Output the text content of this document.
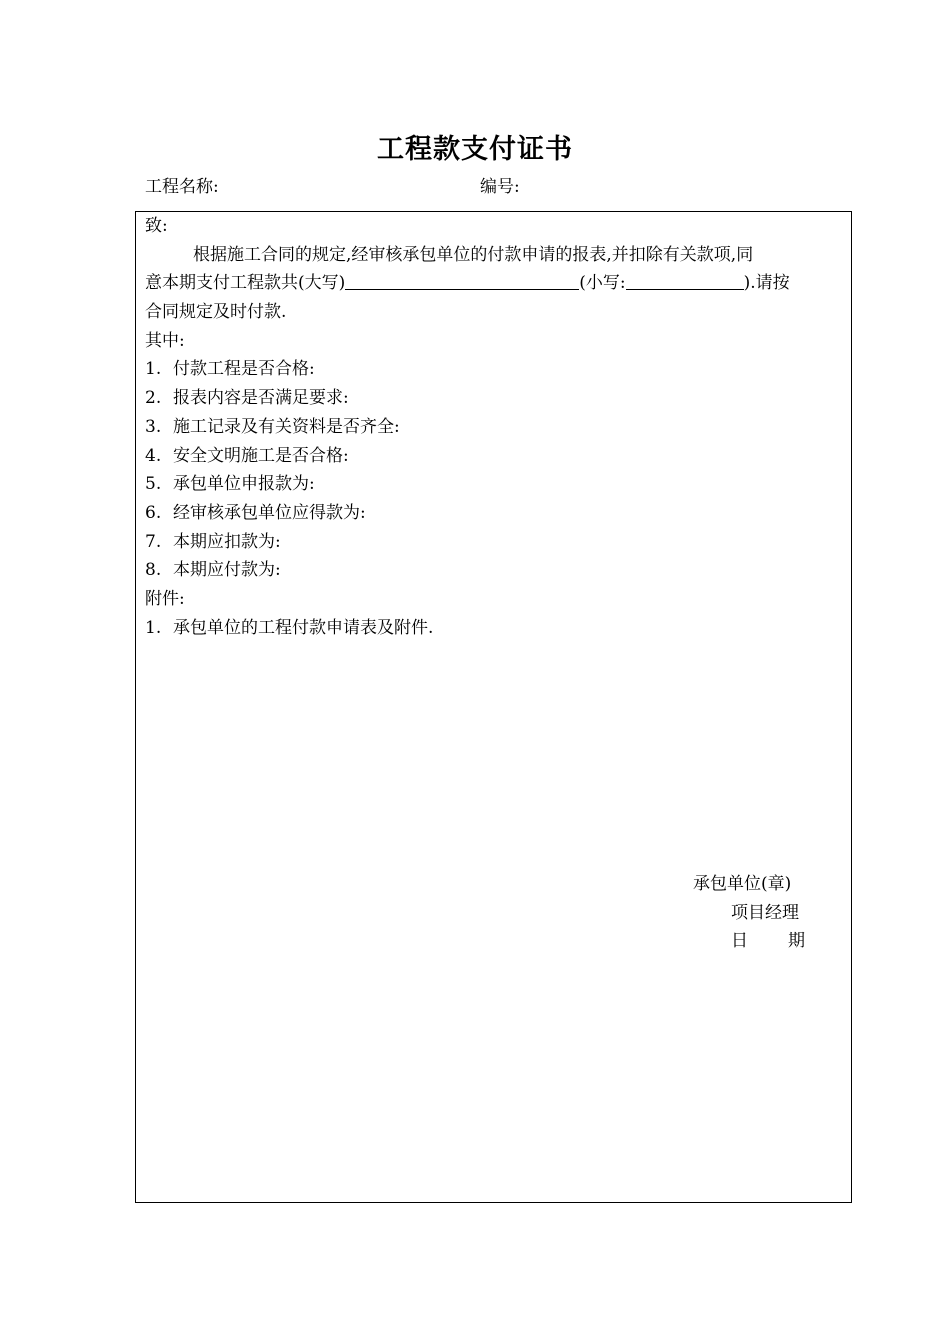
工程款支付证书
工程名称:	编号:
致:
根据施工合同的规定,经审核承包单位的付款申请的报表,并扣除有关款项,同
意本期支付工程款共(大写)	(小写:	).请按
合同规定及时付款.
其中:
1. 付款工程是否合格:
2. 报表内容是否满足要求:
3. 施工记录及有关资料是否齐全:
4. 安全文明施工是否合格:
5. 承包单位申报款为:
6. 经审核承包单位应得款为:
7. 本期应扣款为:
8. 本期应付款为:
附件:
1. 承包单位的工程付款申请表及附件.
承包单位(章)
项目经理
日 期
